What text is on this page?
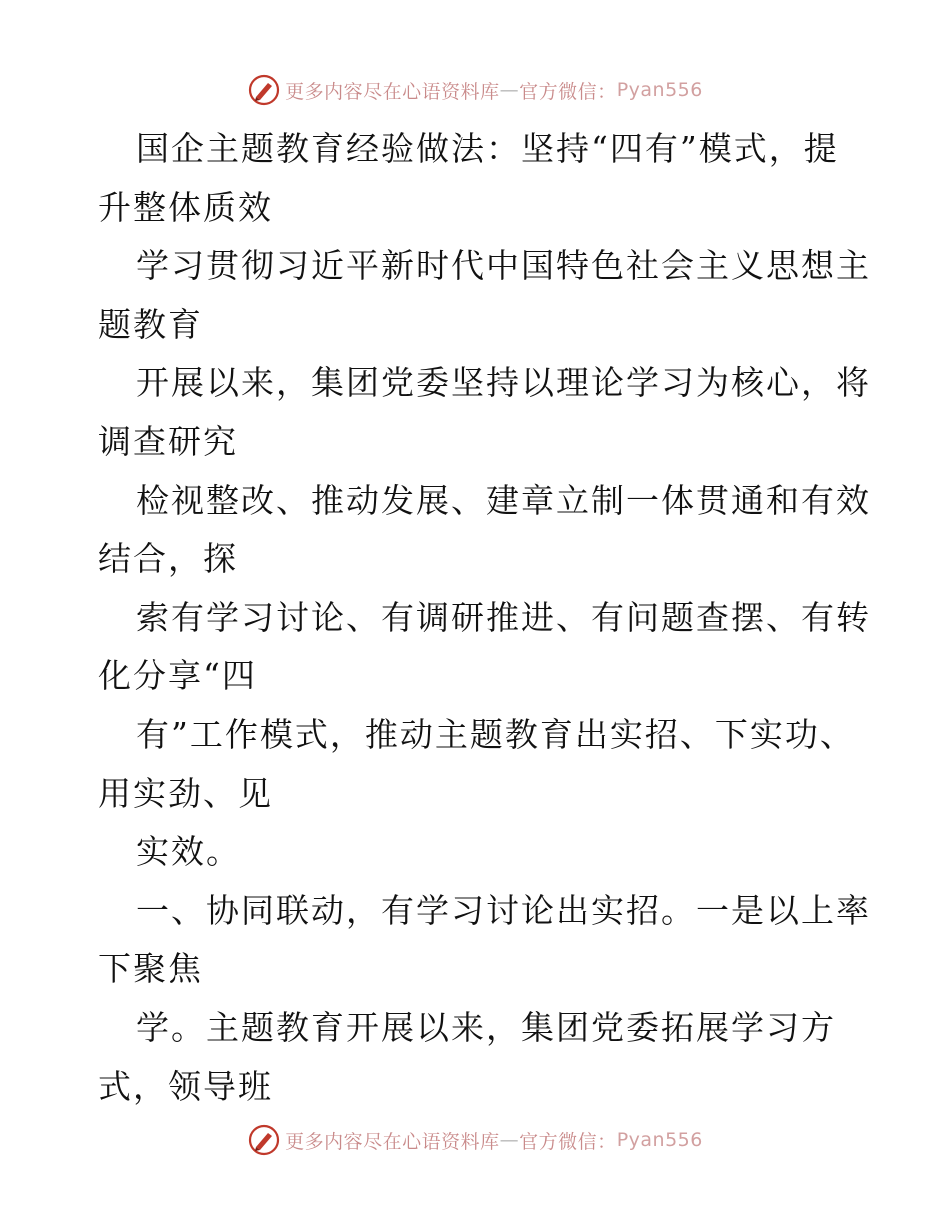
更多内容尽在心语资料库 — 官方微信： Pyan556
国企主题教育经验做法：坚持“四有”模式，提
升整体质效
学习贯彻习近平新时代中国特色社会主义思想主
题教育
开展以来，集团党委坚持以理论学习为核心，将
调查研究
检视整改、推动发展、建章立制一体贯通和有效
结合，探
索有学习讨论、有调研推进、有问题查摆、有转
化分享“四
有”工作模式，推动主题教育出实招、下实功、
用实劲、见
实效。
一、协同联动，有学习讨论出实招。一是以上率
下聚焦
学。主题教育开展以来，集团党委拓展学习方
式，领导班
更多内容尽在心语资料库 — 官方微信： Pyan556
